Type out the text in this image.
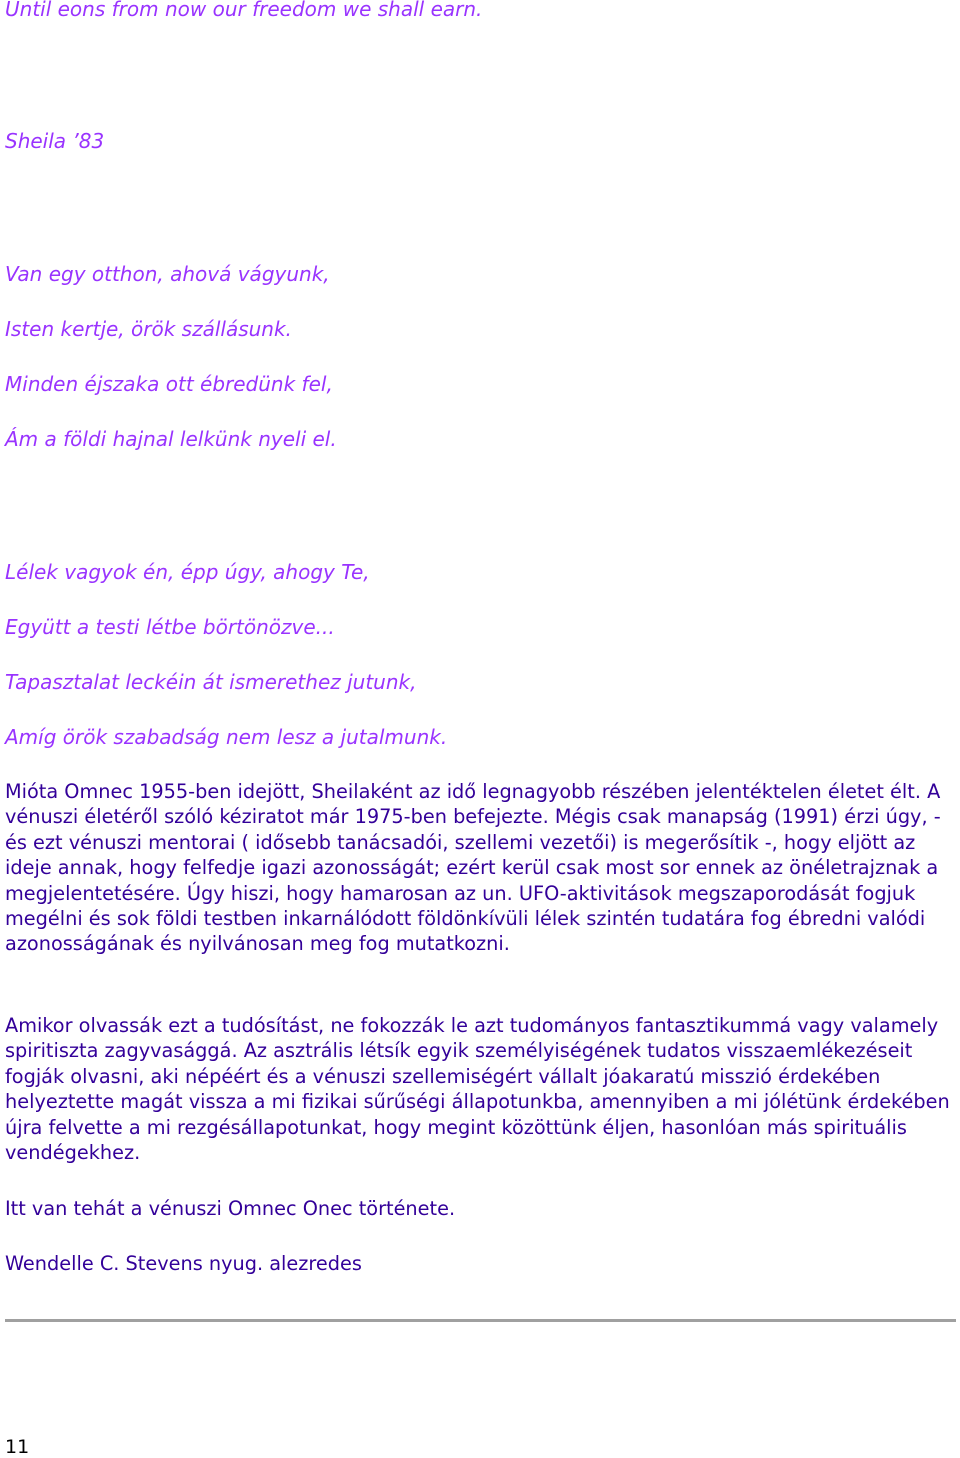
Until eons from now our freedom we shall earn.

Sheila ’83

Van egy otthon, ahová vágyunk,

Isten kertje, örök szállásunk.

Minden éjszaka ott ébredünk fel,

Ám a földi hajnal lelkünk nyeli el.

Lélek vagyok én, épp úgy, ahogy Te,

Együtt a testi létbe börtönözve...

Tapasztalat leckéin át ismerethez jutunk,

Amíg örök szabadság nem lesz a jutalmunk.

Mióta Omnec 1955-ben idejött, Sheilaként az idő legnagyobb részében jelentéktelen életet élt. A vénuszi életéről szóló kéziratot már 1975-ben befejezte. Mégis csak manapság (1991) érzi úgy, - és ezt vénuszi mentorai ( idősebb tanácsadói, szellemi vezetői) is megerősítik -, hogy eljött az ideje annak, hogy felfedje igazi azonosságát; ezért kerül csak most sor ennek az önéletrajznak a megjelentetésére. Úgy hiszi, hogy hamarosan az un. UFO-aktivitások megszaporodását fogjuk megélni és sok földi testben inkarnálódott földönkívüli lélek szintén tudatára fog ébredni valódi azonosságának és nyilvánosan meg fog mutatkozni.

Amikor olvassák ezt a tudósítást, ne fokozzák le azt tudományos fantasztikummá vagy valamely spiritiszta zagyvasággá. Az asztrális létsík egyik személyiségének tudatos visszaemlékezéseit fogják olvasni, aki népéért és a vénuszi szellemiségért vállalt jóakaratú misszió érdekében helyeztette magát vissza a mi fizikai sűrűségi állapotunkba, amennyiben a mi jólétünk érdekében újra felvette a mi rezgésállapotunkat, hogy megint közöttünk éljen, hasonlóan más spirituális vendégekhez.

Itt van tehát a vénuszi Omnec Onec története.

Wendelle C. Stevens nyug. alezredes

11
